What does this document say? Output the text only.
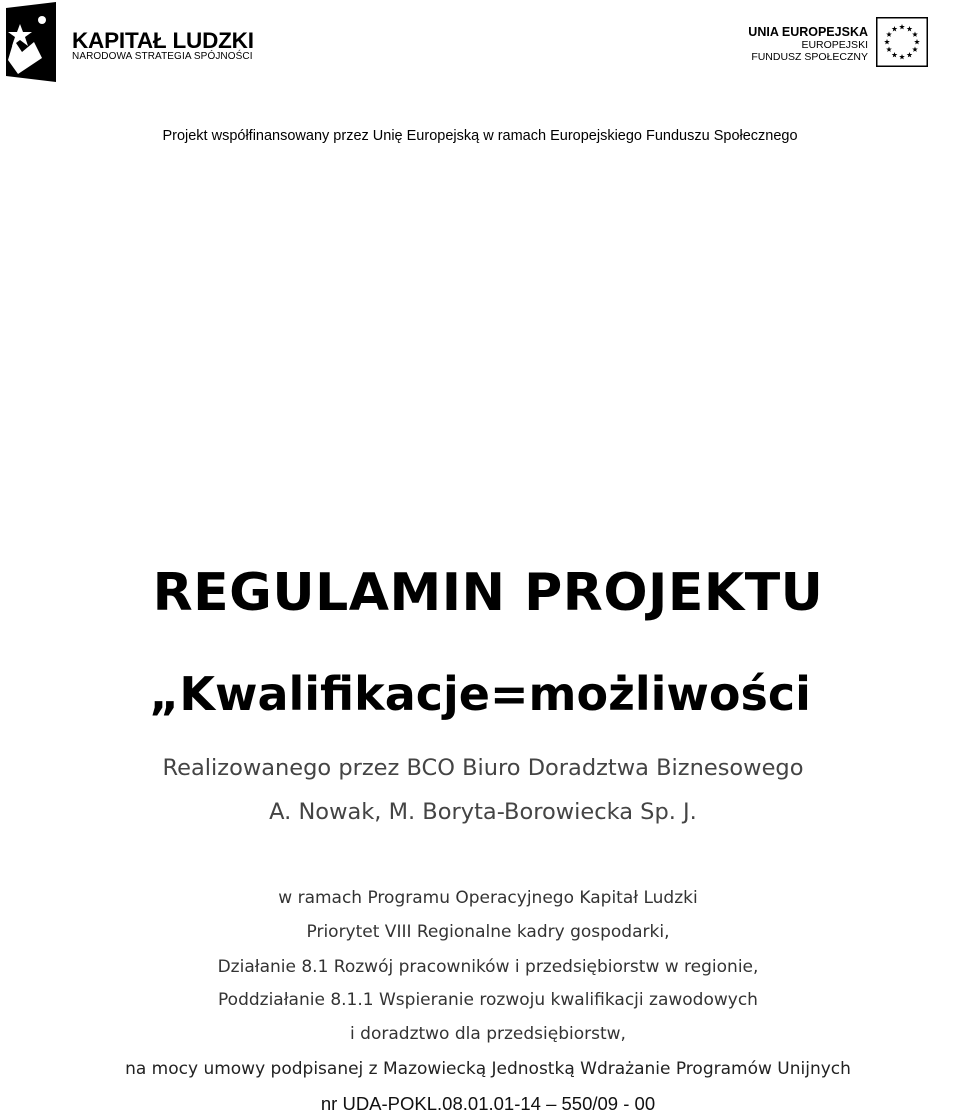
KAPITAŁ LUDZKI
NARODOWA STRATEGIA SPÓJNOŚCI
UNIA EUROPEJSKA
EUROPEJSKI
FUNDUSZ SPOŁECZNY
Projekt współfinansowany przez Unię Europejską w ramach Europejskiego Funduszu Społecznego
REGULAMIN PROJEKTU
„Kwalifikacje=możliwości
Realizowanego przez BCO Biuro Doradztwa Biznesowego
A. Nowak, M. Boryta-Borowiecka Sp. J.
w ramach Programu Operacyjnego Kapitał Ludzki
Priorytet VIII Regionalne kadry gospodarki,
Działanie 8.1 Rozwój pracowników i przedsiębiorstw w regionie,
Poddziałanie 8.1.1 Wspieranie rozwoju kwalifikacji zawodowych
i doradztwo dla przedsiębiorstw,
na mocy umowy podpisanej z Mazowiecką Jednostką Wdrażanie Programów Unijnych
nr UDA-POKL.08.01.01-14 – 550/09 - 00
